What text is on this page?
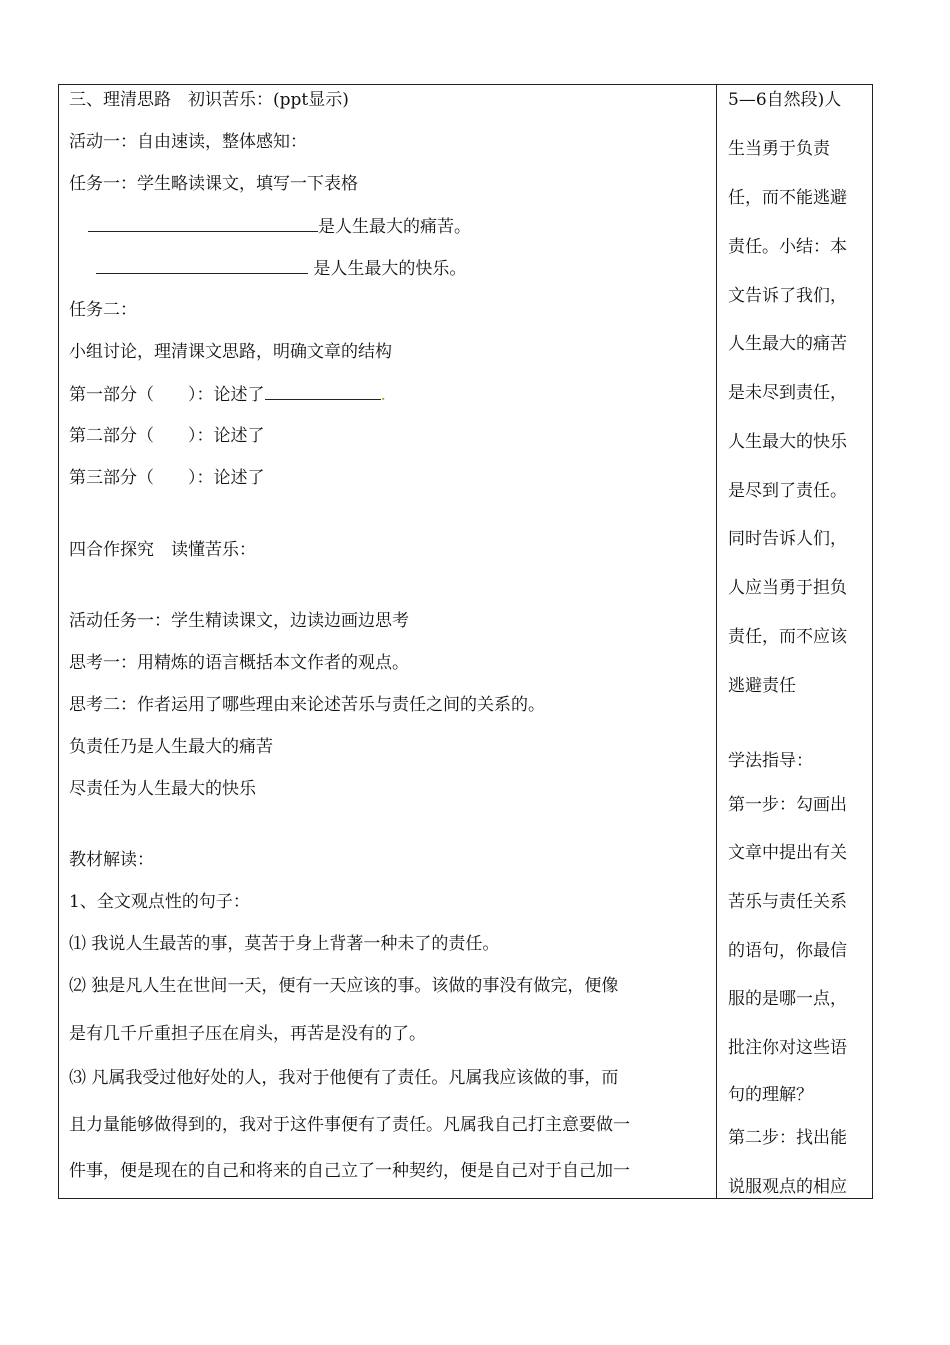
三、理清思路　初识苦乐：(ppt显示)
活动一：自由速读，整体感知：
任务一：学生略读课文，填写一下表格
是人生最大的痛苦。
是人生最大的快乐。
任务二：
小组讨论，理清课文思路，明确文章的结构
第一部分（　　）：论述了	.
第二部分（　　）：论述了
第三部分（　　）：论述了
四合作探究　读懂苦乐：
活动任务一：学生精读课文，边读边画边思考
思考一：用精炼的语言概括本文作者的观点。
思考二：作者运用了哪些理由来论述苦乐与责任之间的关系的。
负责任乃是人生最大的痛苦
尽责任为人生最大的快乐
教材解读：
1、全文观点性的句子：
⑴ 我说人生最苦的事，莫苦于身上背著一种未了的责任。
⑵ 独是凡人生在世间一天，便有一天应该的事。该做的事没有做完，便像
是有几千斤重担子压在肩头，再苦是没有的了。
⑶ 凡属我受过他好处的人，我对于他便有了责任。凡属我应该做的事，而
且力量能够做得到的，我对于这件事便有了责任。凡属我自己打主意要做一
件事，便是现在的自己和将来的自己立了一种契约，便是自己对于自己加一
5—6自然段)人
生当勇于负责
任，而不能逃避
责任。小结：本
文告诉了我们，
人生最大的痛苦
是未尽到责任，
人生最大的快乐
是尽到了责任。
同时告诉人们，
人应当勇于担负
责任，而不应该
逃避责任
学法指导：
第一步：勾画出
文章中提出有关
苦乐与责任关系
的语句，你最信
服的是哪一点，
批注你对这些语
句的理解？
第二步：找出能
说服观点的相应
